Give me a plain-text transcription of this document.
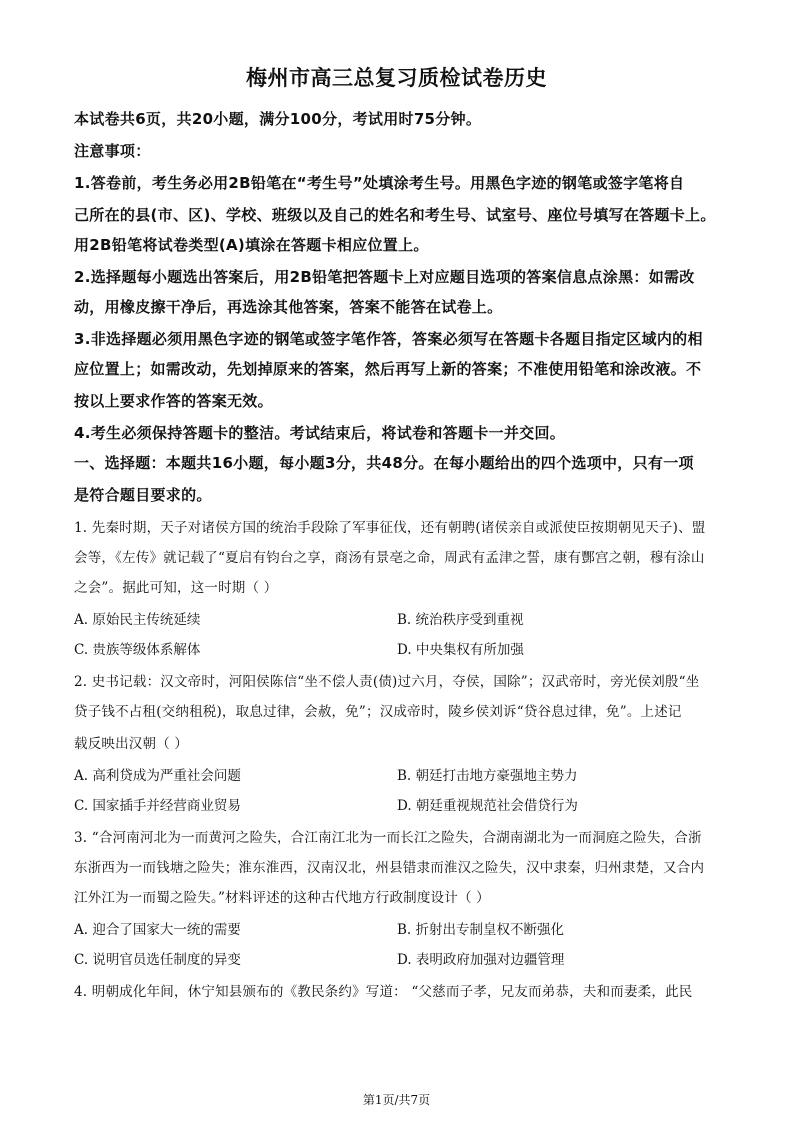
梅州市高三总复习质检试卷历史
本试卷共6页，共20小题，满分100分，考试用时75分钟。
注意事项：
1.答卷前，考生务必用2B铅笔在“考生号”处填涂考生号。用黑色字迹的钢笔或签字笔将自
己所在的县(市、区)、学校、班级以及自己的姓名和考生号、试室号、座位号填写在答题卡上。
用2B铅笔将试卷类型(A)填涂在答题卡相应位置上。
2.选择题每小题选出答案后，用2B铅笔把答题卡上对应题目选项的答案信息点涂黑：如需改
动，用橡皮擦干净后，再选涂其他答案，答案不能答在试卷上。
3.非选择题必须用黑色字迹的钢笔或签字笔作答，答案必须写在答题卡各题目指定区域内的相
应位置上；如需改动，先划掉原来的答案，然后再写上新的答案；不准使用铅笔和涂改液。不
按以上要求作答的答案无效。
4.考生必须保持答题卡的整洁。考试结束后，将试卷和答题卡一并交回。
一、选择题：本题共16小题，每小题3分，共48分。在每小题给出的四个选项中，只有一项
是符合题目要求的。
1. 先秦时期，天子对诸侯方国的统治手段除了军事征伐，还有朝聘(诸侯亲自或派使臣按期朝见天子)、盟
会等，《左传》就记载了“夏启有钧台之享，商汤有景亳之命，周武有孟津之誓，康有酆宫之朝，穆有涂山
之会”。据此可知，这一时期（ ）
A. 原始民主传统延续	B. 统治秩序受到重视
C. 贵族等级体系解体	D. 中央集权有所加强
2. 史书记载：汉文帝时，河阳侯陈信“坐不偿人责(债)过六月，夺侯，国除”；汉武帝时，旁光侯刘殷“坐
贷子钱不占租(交纳租税)，取息过律，会赦，免”；汉成帝时，陵乡侯刘诉“贷谷息过律，免”。上述记
载反映出汉朝（ ）
A. 高利贷成为严重社会问题	B. 朝廷打击地方豪强地主势力
C. 国家插手并经营商业贸易	D. 朝廷重视规范社会借贷行为
3. “合河南河北为一而黄河之险失，合江南江北为一而长江之险失，合湖南湖北为一而洞庭之险失，合浙
东浙西为一而钱塘之险失；淮东淮西，汉南汉北，州县错隶而淮汉之险失，汉中隶秦，归州隶楚，又合内
江外江为一而蜀之险失。”材料评述的这种古代地方行政制度设计（ ）
A. 迎合了国家大一统的需要	B. 折射出专制皇权不断强化
C. 说明官员选任制度的异变	D. 表明政府加强对边疆管理
4. 明朝成化年间，休宁知县颁布的《教民条约》写道： “父慈而子孝，兄友而弟恭，夫和而妻柔，此民
第1页/共7页
